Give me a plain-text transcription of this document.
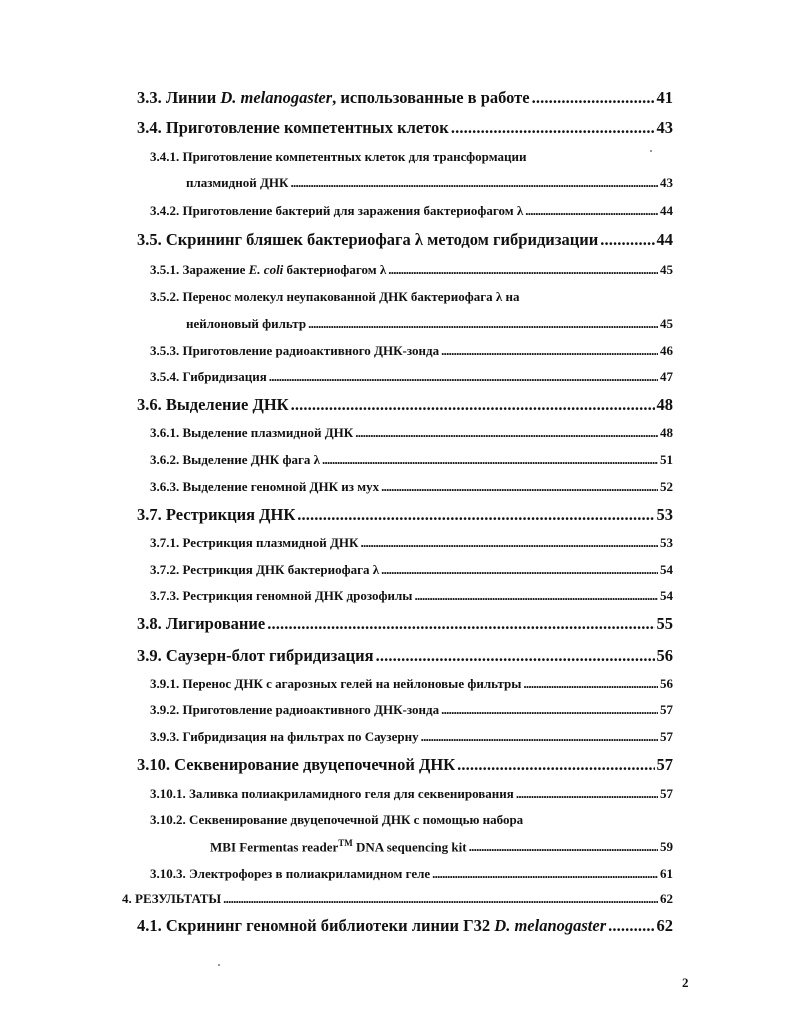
3.3. Линии D. melanogaster, использованные в работе . . .	41
3.4. Приготовление компетентных клеток . . .	43
3.4.1. Приготовление компетентных клеток для трансформации
плазмидной ДНК . . .	43
3.4.2. Приготовление бактерий для заражения бактериофагом λ . . .	44
3.5. Скрининг бляшек бактериофага λ методом гибридизации . . .	44
3.5.1. Заражение E. coli бактериофагом λ . . .	45
3.5.2. Перенос молекул неупакованной ДНК бактериофага λ на
нейлоновый фильтр . . .	45
3.5.3. Приготовление радиоактивного ДНК-зонда . . .	46
3.5.4. Гибридизация . . .	47
3.6. Выделение ДНК . . .	48
3.6.1. Выделение плазмидной ДНК . . .	48
3.6.2. Выделение ДНК фага λ . . .	51
3.6.3. Выделение геномной ДНК из мух . . .	52
3.7. Рестрикция ДНК . . .	53
3.7.1. Рестрикция плазмидной ДНК . . .	53
3.7.2. Рестрикция ДНК бактериофага λ . . .	54
3.7.3. Рестрикция геномной ДНК дрозофилы . . .	54
3.8. Лигирование . . .	55
3.9. Саузерн-блот гибридизация . . .	56
3.9.1. Перенос ДНК с агарозных гелей на нейлоновые фильтры . . .	56
3.9.2. Приготовление радиоактивного ДНК-зонда . . .	57
3.9.3. Гибридизация на фильтрах по Саузерну . . .	57
3.10. Секвенирование двуцепочечной ДНК . . .	57
3.10.1. Заливка полиакриламидного геля для секвенирования . . .	57
3.10.2. Секвенирование двуцепочечной ДНК с помощью набора
MBI Fermentas reader™ DNA sequencing kit . . .	59
3.10.3. Электрофорез в полиакриламидном геле . . .	61
4. РЕЗУЛЬТАТЫ . . .	62
4.1. Скрининг геномной библиотеки линии Г32 D. melanogaster . . .	62
2
